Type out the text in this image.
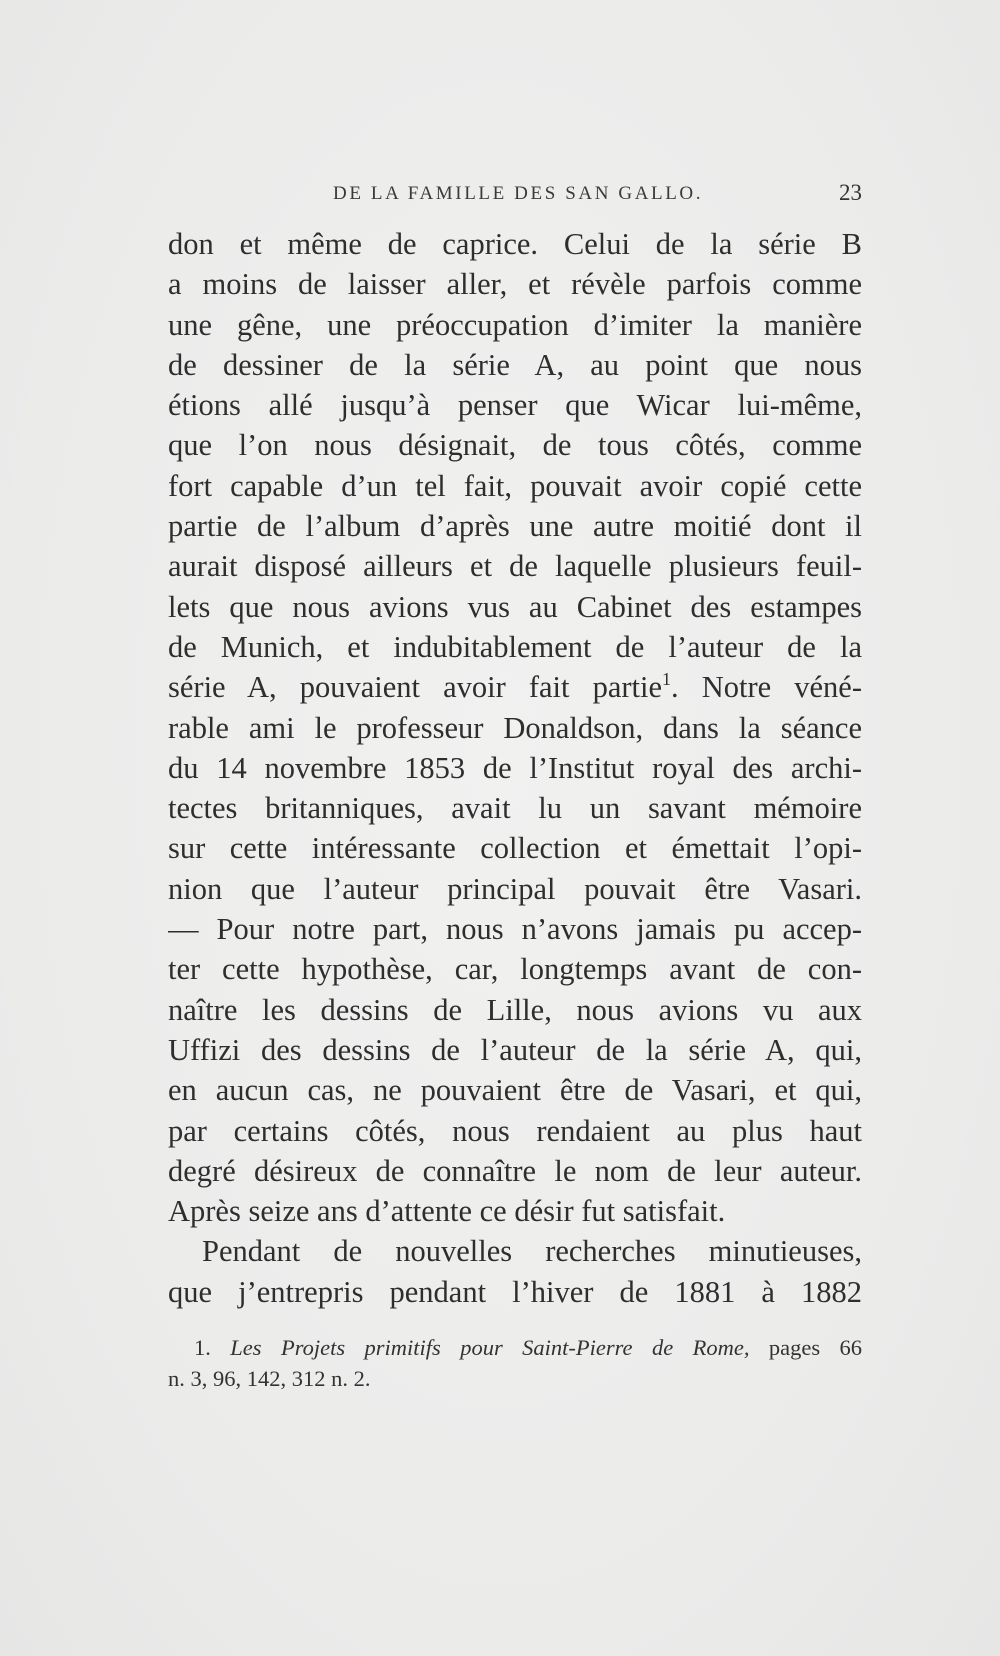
DE LA FAMILLE DES SAN GALLO.	23
don et même de caprice. Celui de la série B
a moins de laisser aller, et révèle parfois comme
une gêne, une préoccupation d’imiter la manière
de dessiner de la série A, au point que nous
étions allé jusqu’à penser que Wicar lui-même,
que l’on nous désignait, de tous côtés, comme
fort capable d’un tel fait, pouvait avoir copié cette
partie de l’album d’après une autre moitié dont il
aurait disposé ailleurs et de laquelle plusieurs feuil-
lets que nous avions vus au Cabinet des estampes
de Munich, et indubitablement de l’auteur de la
série A, pouvaient avoir fait partie$^1$. Notre véné-
rable ami le professeur Donaldson, dans la séance
du 14 novembre 1853 de l’Institut royal des archi-
tectes britanniques, avait lu un savant mémoire
sur cette intéressante collection et émettait l’opi-
nion que l’auteur principal pouvait être Vasari.
— Pour notre part, nous n’avons jamais pu accep-
ter cette hypothèse, car, longtemps avant de con-
naître les dessins de Lille, nous avions vu aux
Uffizi des dessins de l’auteur de la série A, qui,
en aucun cas, ne pouvaient être de Vasari, et qui,
par certains côtés, nous rendaient au plus haut
degré désireux de connaître le nom de leur auteur.
Après seize ans d’attente ce désir fut satisfait.
Pendant de nouvelles recherches minutieuses,
que j’entrepris pendant l’hiver de 1881 à 1882
1. Les Projets primitifs pour Saint-Pierre de Rome, pages 66
n. 3, 96, 142, 312 n. 2.
